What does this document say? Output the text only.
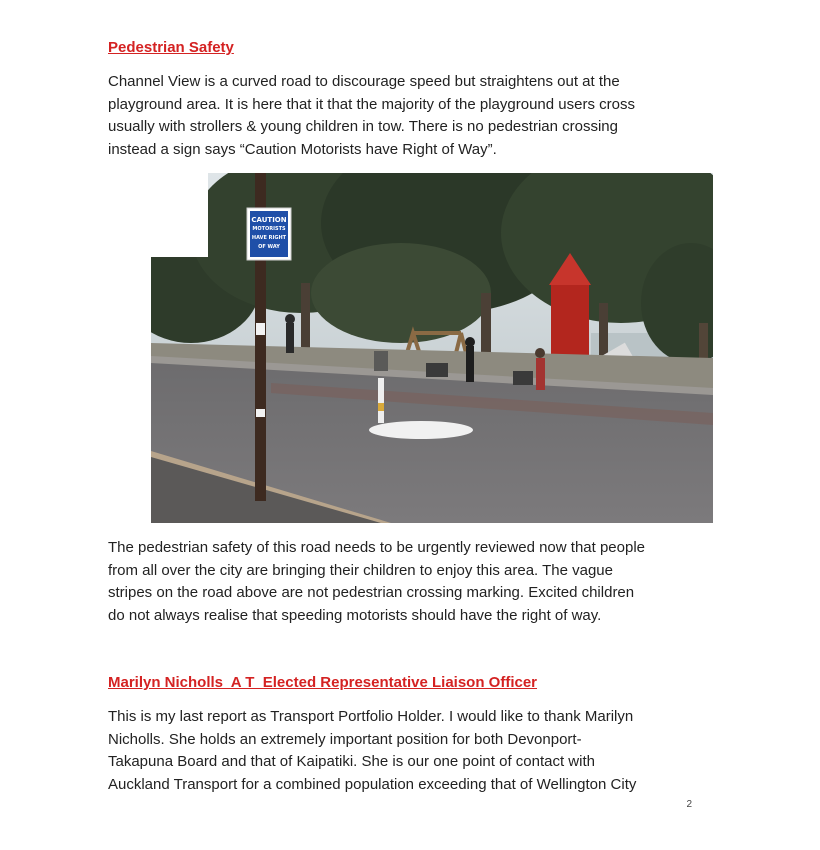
Pedestrian Safety

Channel View is a curved road to discourage speed but straightens out at the
playground area. It is here that it that the majority of the playground users cross
usually with strollers & young children in tow. There is no pedestrian crossing
instead a sign says “Caution Motorists have Right of Way”.

CAUTION
MOTORISTS
HAVE RIGHT
OF WAY

The pedestrian safety of this road needs to be urgently reviewed now that people
from all over the city are bringing their children to enjoy this area. The vague
stripes on the road above are not pedestrian crossing marking. Excited children
do not always realise that speeding motorists should have the right of way.

Marilyn Nicholls  A T  Elected Representative Liaison Officer

This is my last report as Transport Portfolio Holder. I would like to thank Marilyn
Nicholls. She holds an extremely important position for both Devonport-
Takapuna Board and that of Kaipatiki. She is our one point of contact with
Auckland Transport for a combined population exceeding that of Wellington City

2
